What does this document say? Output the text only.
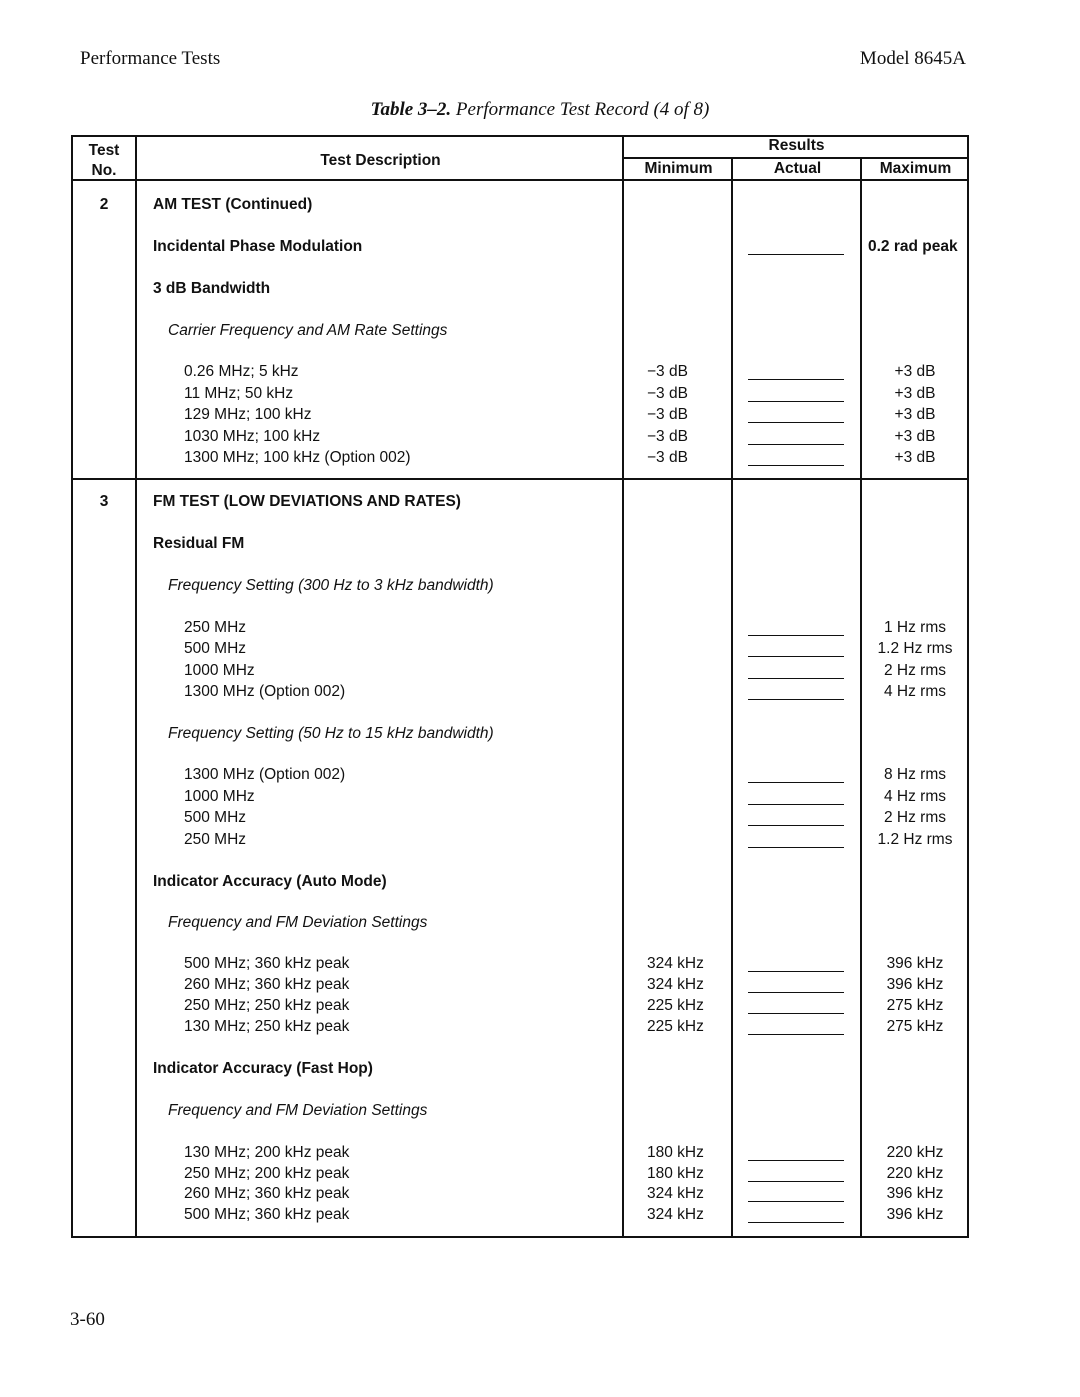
Performance Tests	Model 8645A
Table 3–2. Performance Test Record (4 of 8)
Test
No.
Test Description
Results
Minimum	Actual	Maximum
2	AM TEST (Continued)
Incidental Phase Modulation	0.2 rad peak
3 dB Bandwidth
Carrier Frequency and AM Rate Settings
0.26 MHz; 5 kHz	−3 dB	+3 dB
11 MHz; 50 kHz	−3 dB	+3 dB
129 MHz; 100 kHz	−3 dB	+3 dB
1030 MHz; 100 kHz	−3 dB	+3 dB
1300 MHz; 100 kHz (Option 002)	−3 dB	+3 dB
3	FM TEST (LOW DEVIATIONS AND RATES)
Residual FM
Frequency Setting (300 Hz to 3 kHz bandwidth)
250 MHz	1 Hz rms
500 MHz	1.2 Hz rms
1000 MHz	2 Hz rms
1300 MHz (Option 002)	4 Hz rms
Frequency Setting (50 Hz to 15 kHz bandwidth)
1300 MHz (Option 002)	8 Hz rms
1000 MHz	4 Hz rms
500 MHz	2 Hz rms
250 MHz	1.2 Hz rms
Indicator Accuracy (Auto Mode)
Frequency and FM Deviation Settings
500 MHz; 360 kHz peak	324 kHz	396 kHz
260 MHz; 360 kHz peak	324 kHz	396 kHz
250 MHz; 250 kHz peak	225 kHz	275 kHz
130 MHz; 250 kHz peak	225 kHz	275 kHz
Indicator Accuracy (Fast Hop)
Frequency and FM Deviation Settings
130 MHz; 200 kHz peak	180 kHz	220 kHz
250 MHz; 200 kHz peak	180 kHz	220 kHz
260 MHz; 360 kHz peak	324 kHz	396 kHz
500 MHz; 360 kHz peak	324 kHz	396 kHz
3-60
